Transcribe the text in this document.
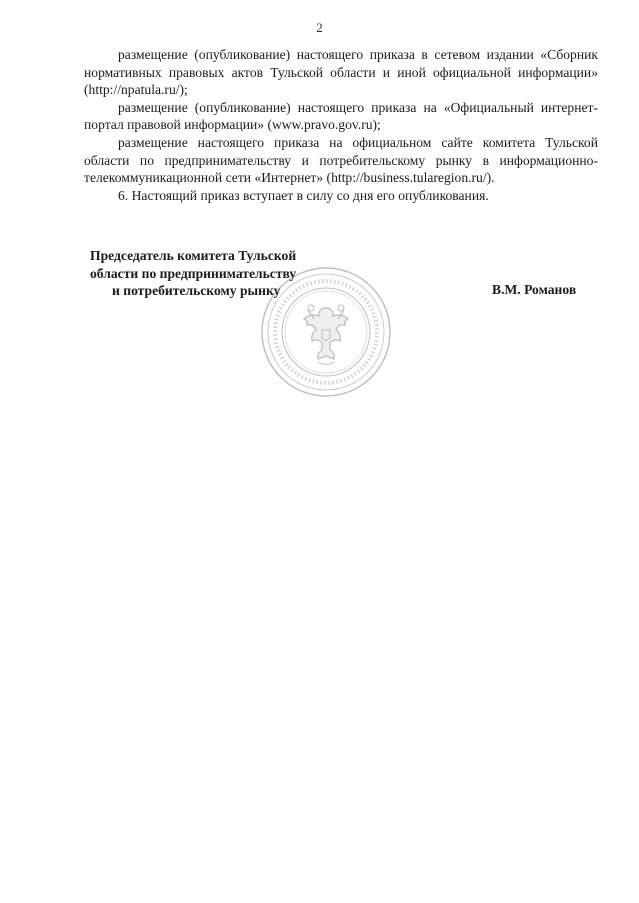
2

размещение (опубликование) настоящего приказа в сетевом издании «Сборник нормативных правовых актов Тульской области и иной официальной информации» (http://npatula.ru/);

размещение (опубликование) настоящего приказа на «Официальный интернет-портал правовой информации» (www.pravo.gov.ru);

размещение настоящего приказа на официальном сайте комитета Тульской области по предпринимательству и потребительскому рынку в информационно-телекоммуникационной сети «Интернет» (http://business.tularegion.ru/).

6. Настоящий приказ вступает в силу со дня его опубликования.

Председатель комитета Тульской
области по предпринимательству
и потребительскому рынку	В.М. Романов
